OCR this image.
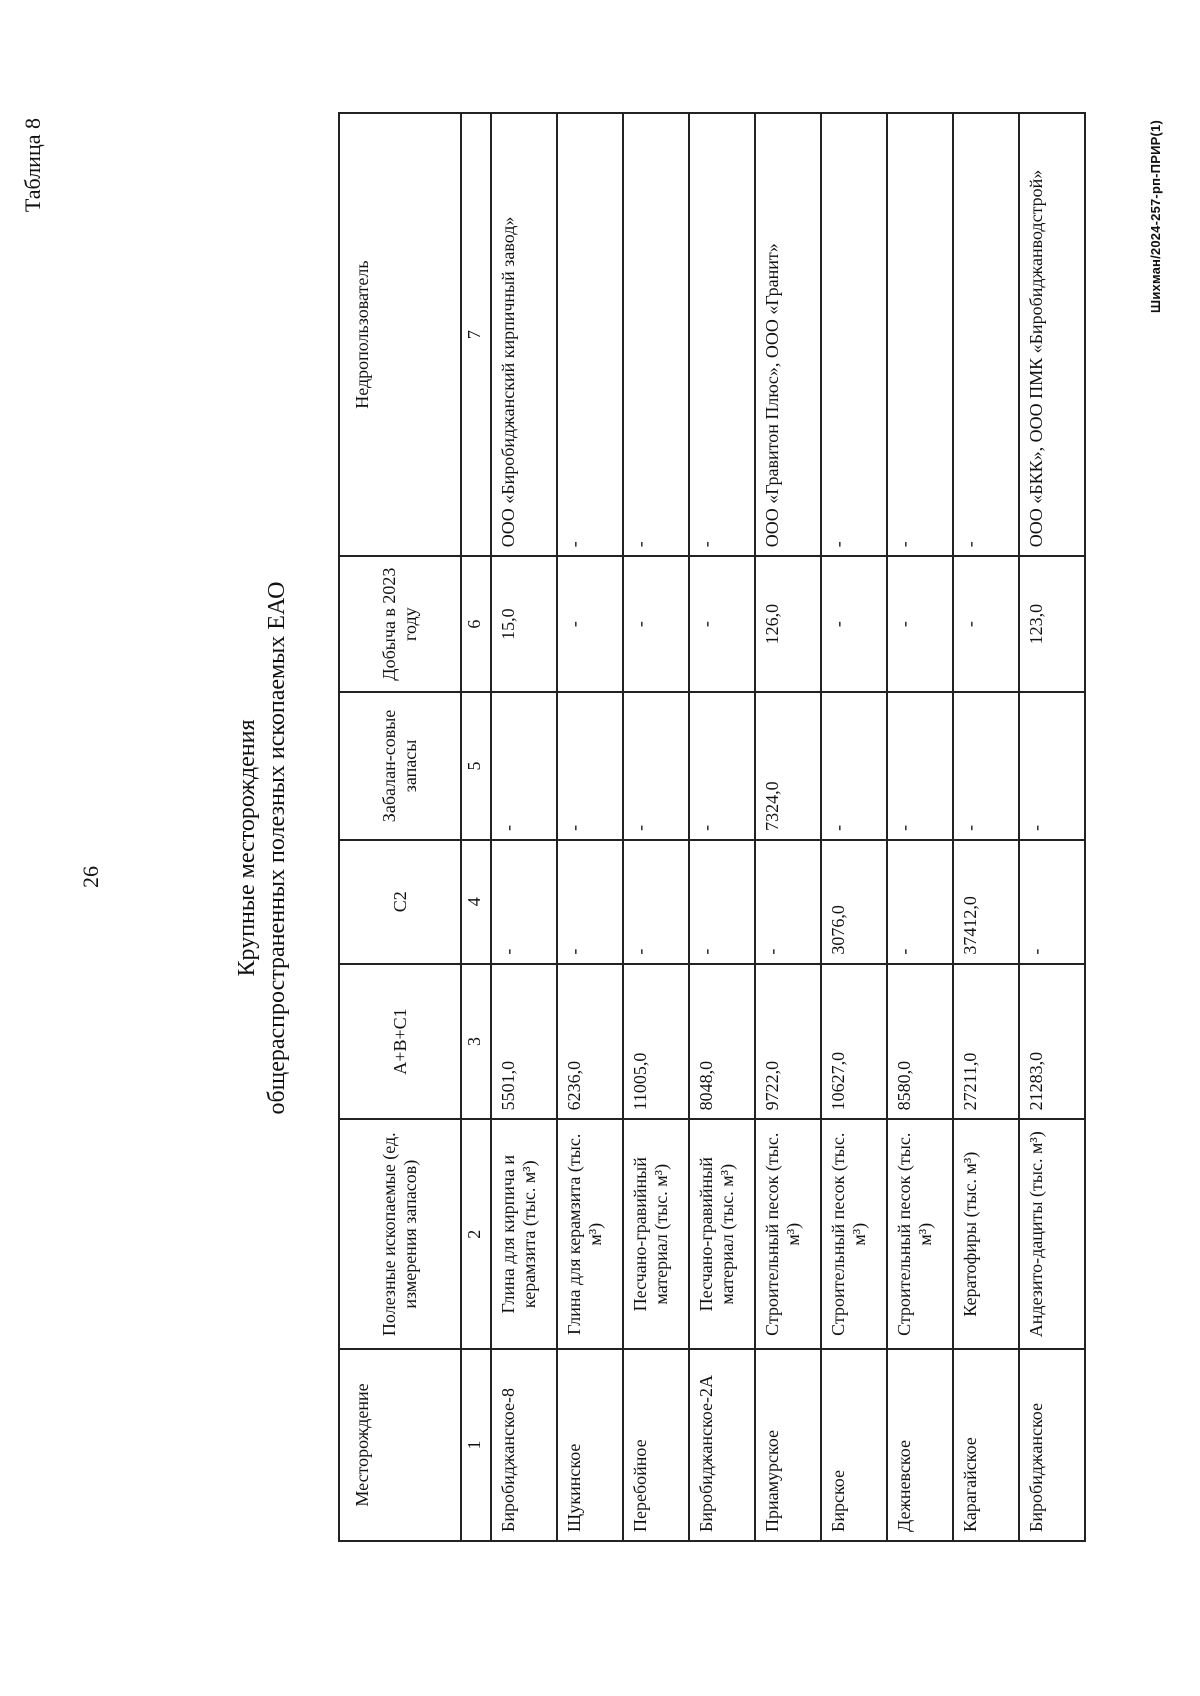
26
Таблица 8
Крупные месторождения общераспространенных полезных ископаемых ЕАО
Месторождение	Полезные ископаемые (ед. измерения запасов)	А+В+С1	С2	Забалан-совые запасы	Добыча в 2023 году	Недропользователь
1	2	3	4	5	6	7
Биробиджанское-8	Глина для кирпича и керамзита (тыс. м³)	5501,0	-	-	15,0	ООО «Биробиджанский кирпичный завод»
Щукинское	Глина для керамзита (тыс. м³)	6236,0	-	-	-	-
Перебойное	Песчано-гравийный материал (тыс. м³)	11005,0	-	-	-	-
Биробиджанское-2А	Песчано-гравийный материал (тыс. м³)	8048,0	-	-	-	-
Приамурское	Строительный песок (тыс. м³)	9722,0	-	7324,0	126,0	ООО «Гравитон Плюс», ООО «Гранит»
Бирское	Строительный песок (тыс. м³)	10627,0	3076,0	-	-	-
Дежневское	Строительный песок (тыс. м³)	8580,0	-	-	-	-
Карагайское	Кератофиры (тыс. м³)	27211,0	37412,0	-	-	-
Биробиджанское	Андезито-дациты (тыс. м³)	21283,0	-	-	123,0	ООО «БКК», ООО ПМК «Биробиджанводстрой»	Шихман/2024-257-рп-ПРИР(1)
